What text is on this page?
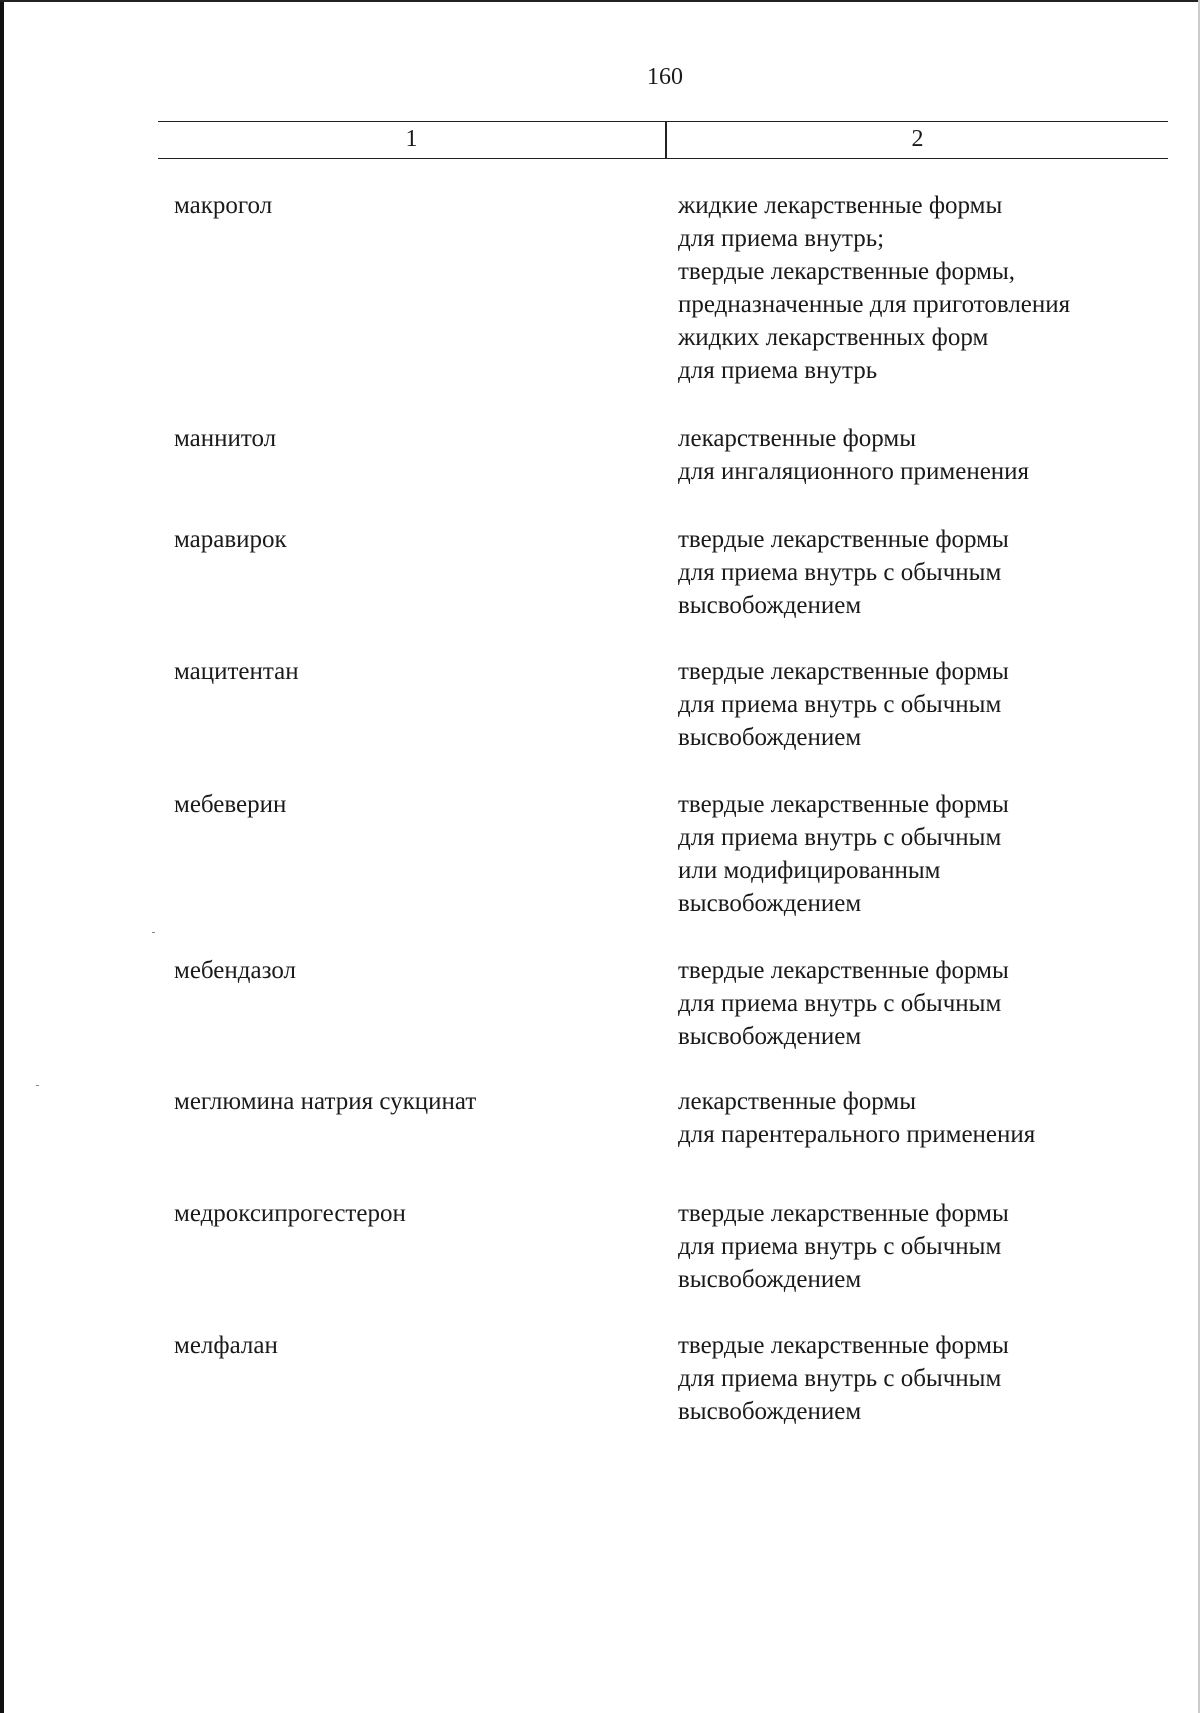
160
1	2
макрогол	жидкие лекарственные формы
для приема внутрь;
твердые лекарственные формы,
предназначенные для приготовления
жидких лекарственных форм
для приема внутрь
маннитол	лекарственные формы
для ингаляционного применения
маравирок	твердые лекарственные формы
для приема внутрь с обычным
высвобождением
мацитентан	твердые лекарственные формы
для приема внутрь с обычным
высвобождением
мебеверин	твердые лекарственные формы
для приема внутрь с обычным
или модифицированным
высвобождением
мебендазол	твердые лекарственные формы
для приема внутрь с обычным
высвобождением
меглюмина натрия сукцинат	лекарственные формы
для парентерального применения
медроксипрогестерон	твердые лекарственные формы
для приема внутрь с обычным
высвобождением
мелфалан	твердые лекарственные формы
для приема внутрь с обычным
высвобождением
